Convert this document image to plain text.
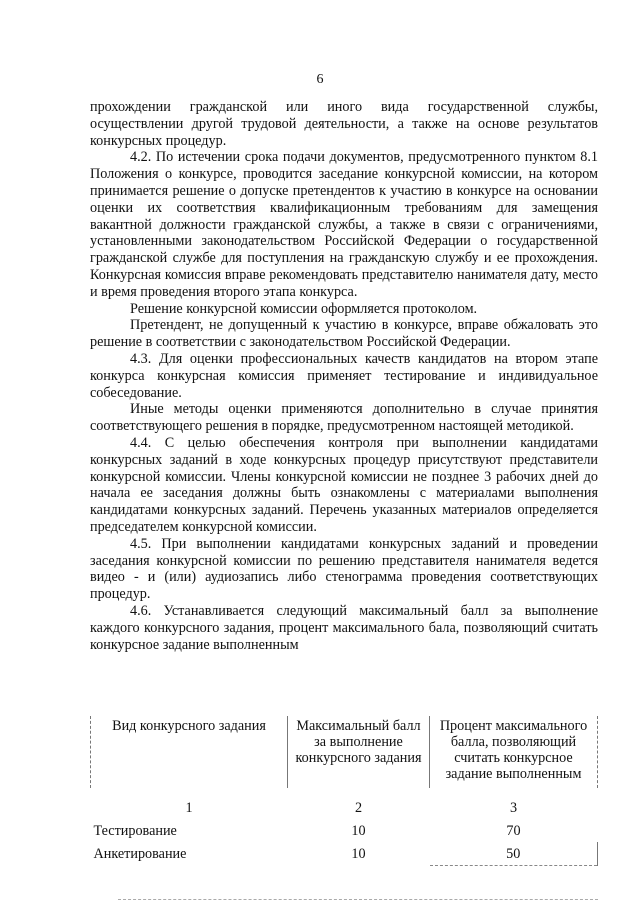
6

прохождении гражданской или иного вида государственной службы, осуществлении другой трудовой деятельности, а также на основе результатов конкурсных процедур.

4.2. По истечении срока подачи документов, предусмотренного пунктом 8.1 Положения о конкурсе, проводится заседание конкурсной комиссии, на котором принимается решение о допуске претендентов к участию в конкурсе на основании оценки их соответствия квалификационным требованиям для замещения вакантной должности гражданской службы, а также в связи с ограничениями, установленными законодательством Российской Федерации о государственной гражданской службе для поступления на гражданскую службу и ее прохождения. Конкурсная комиссия вправе рекомендовать представителю нанимателя дату, место и время проведения второго этапа конкурса.

Решение конкурсной комиссии оформляется протоколом.

Претендент, не допущенный к участию в конкурсе, вправе обжаловать это решение в соответствии с законодательством Российской Федерации.

4.3. Для оценки профессиональных качеств кандидатов на втором этапе конкурса конкурсная комиссия применяет тестирование и индивидуальное собеседование.

Иные методы оценки применяются дополнительно в случае принятия соответствующего решения в порядке, предусмотренном настоящей методикой.

4.4. С целью обеспечения контроля при выполнении кандидатами конкурсных заданий в ходе конкурсных процедур присутствуют представители конкурсной комиссии. Члены конкурсной комиссии не позднее 3 рабочих дней до начала ее заседания должны быть ознакомлены с материалами выполнения кандидатами конкурсных заданий. Перечень указанных материалов определяется председателем конкурсной комиссии.

4.5. При выполнении кандидатами конкурсных заданий и проведении заседания конкурсной комиссии по решению представителя нанимателя ведется видео - и (или) аудиозапись либо стенограмма проведения соответствующих процедур.

4.6. Устанавливается следующий максимальный балл за выполнение каждого конкурсного задания, процент максимального бала, позволяющий считать конкурсное задание выполненным

Вид конкурсного задания	Максимальный балл за выполнение конкурсного задания	Процент максимального балла, позволяющий считать конкурсное задание выполненным
1	2	3
Тестирование	10	70
Анкетирование	10	50
